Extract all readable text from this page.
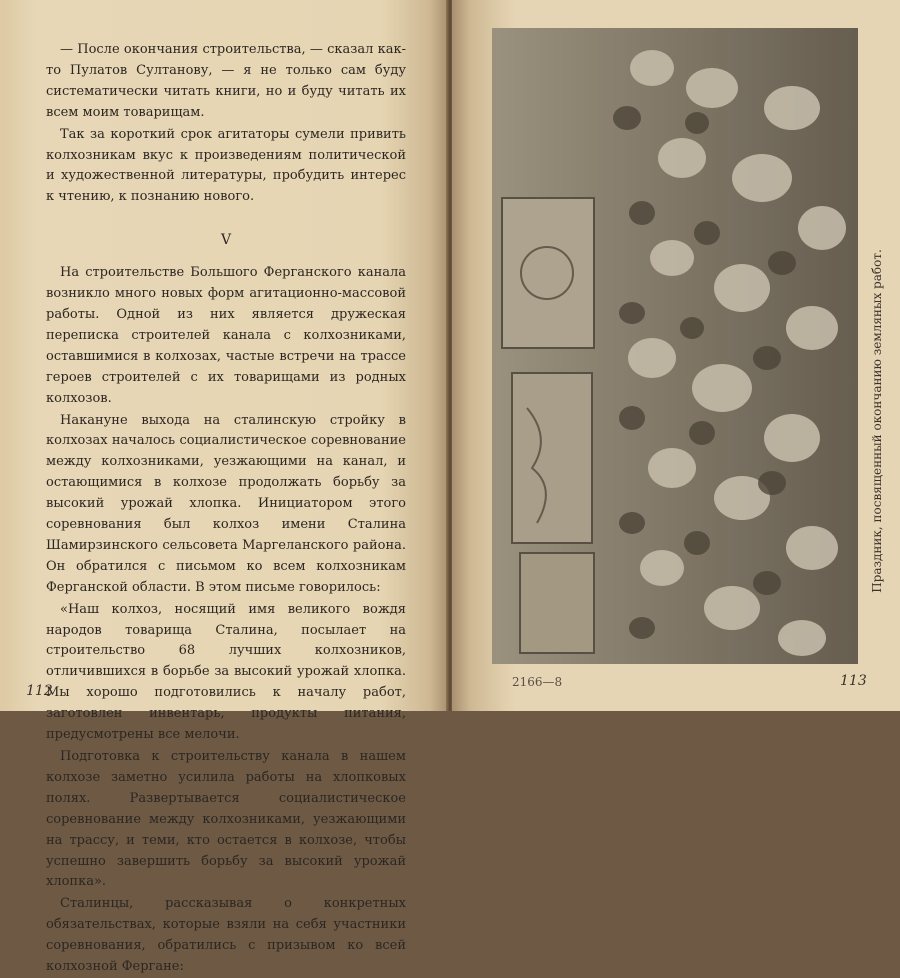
— После окончания строительства, — сказал как-то Пулатов Султанову, — я не только сам буду систематически читать книги, но и буду читать их всем моим товарищам.

Так за короткий срок агитаторы сумели привить колхозникам вкус к произведениям политической и художественной литературы, пробудить интерес к чтению, к познанию нового.

V

На строительстве Большого Ферганского канала возникло много новых форм агитационно-массовой работы. Одной из них является дружеская переписка строителей канала с колхозниками, оставшимися в колхозах, частые встречи на трассе героев строителей с их товарищами из родных колхозов.

Накануне выхода на сталинскую стройку в колхозах началось социалистическое соревнование между колхозниками, уезжающими на канал, и остающимися в колхозе продолжать борьбу за высокий урожай хлопка. Инициатором этого соревнования был колхоз имени Сталина Шамирзинского сельсовета Маргеланского района. Он обратился с письмом ко всем колхозникам Ферганской области. В этом письме говорилось:

«Наш колхоз, носящий имя великого вождя народов товарища Сталина, посылает на строительство 68 лучших колхозников, отличившихся в борьбе за высокий урожай хлопка. Мы хорошо подготовились к началу работ, заготовлен инвентарь, продукты питания, предусмотрены все мелочи.

Подготовка к строительству канала в нашем колхозе заметно усилила работы на хлопковых полях. Развертывается социалистическое соревнование между колхозниками, уезжающими на трассу, и теми, кто остается в колхозе, чтобы успешно завершить борьбу за высокий урожай хлопка».

Сталинцы, рассказывая о конкретных обязательствах, которые взяли на себя участники соревнования, обратились с призывом ко всей колхозной Фергане:

112
Праздник, посвященный окончанию земляных работ.
2166—8	113
